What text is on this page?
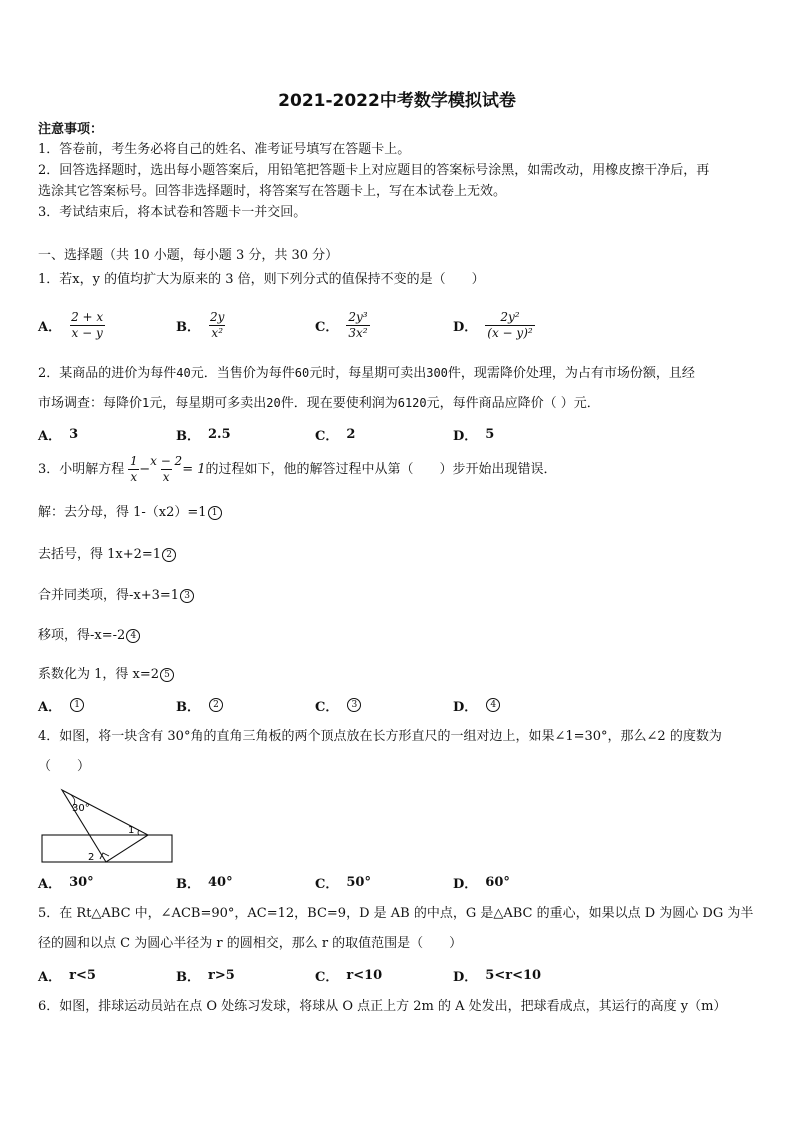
2021-2022中考数学模拟试卷
注意事项：
1．答卷前，考生务必将自己的姓名、准考证号填写在答题卡上。
2．回答选择题时，选出每小题答案后，用铅笔把答题卡上对应题目的答案标号涂黑，如需改动，用橡皮擦干净后，再
选涂其它答案标号。回答非选择题时，将答案写在答题卡上，写在本试卷上无效。
3．考试结束后，将本试卷和答题卡一并交回。
一、选择题（共 10 小题，每小题 3 分，共 30 分）
1．若x，y 的值均扩大为原来的 3 倍，则下列分式的值保持不变的是（　　）
A． $\frac{2 + x}{x - y}$	B． $\frac{2y}{\text{x²}}$	C． $\frac{\text{2y³}}{\text{3x²}}$	D． $\frac{\text{2y²}}{\text{(x − y)²}}$
2．某商品的进价为每件40元．当售价为每件60元时，每星期可卖出300件，现需降价处理，为占有市场份额，且经
市场调查：每降价1元，每星期可多卖出20件．现在要使利润为6120元，每件商品应降价（ ）元．
A． 3	B． 2.5	C． 2	D． 5
3．小明解方程 $\frac{1}{x} - \frac{x - 2}{x} = 1$的过程如下，他的解答过程中从第（　　）步开始出现错误．
解：去分母，得 1-（x2）=1 1
去括号，得 1x+2=1 2
合并同类项，得-x+3=1 3
移项，得-x=-2 4
系数化为 1，得 x=2 5
A．	1	B．	2	C．	3	D．	4
4．如图，将一块含有 30°角的直角三角板的两个顶点放在长方形直尺的一组对边上，如果∠1=30°，那么∠2 的度数为
（　　）
30°
1
2
A． 30°	B． 40°	C． 50°	D． 60°
5．在 Rt△ABC 中，∠ACB=90°，AC=12，BC=9，D 是 AB 的中点，G 是△ABC 的重心，如果以点 D 为圆心 DG 为半
径的圆和以点 C 为圆心半径为 r 的圆相交，那么 r 的取值范围是（　　）
A． r<5	B． r>5	C． r<10	D． 5<r<10
6．如图，排球运动员站在点 O 处练习发球，将球从 O 点正上方 2m 的 A 处发出，把球看成点，其运行的高度 y（m）
